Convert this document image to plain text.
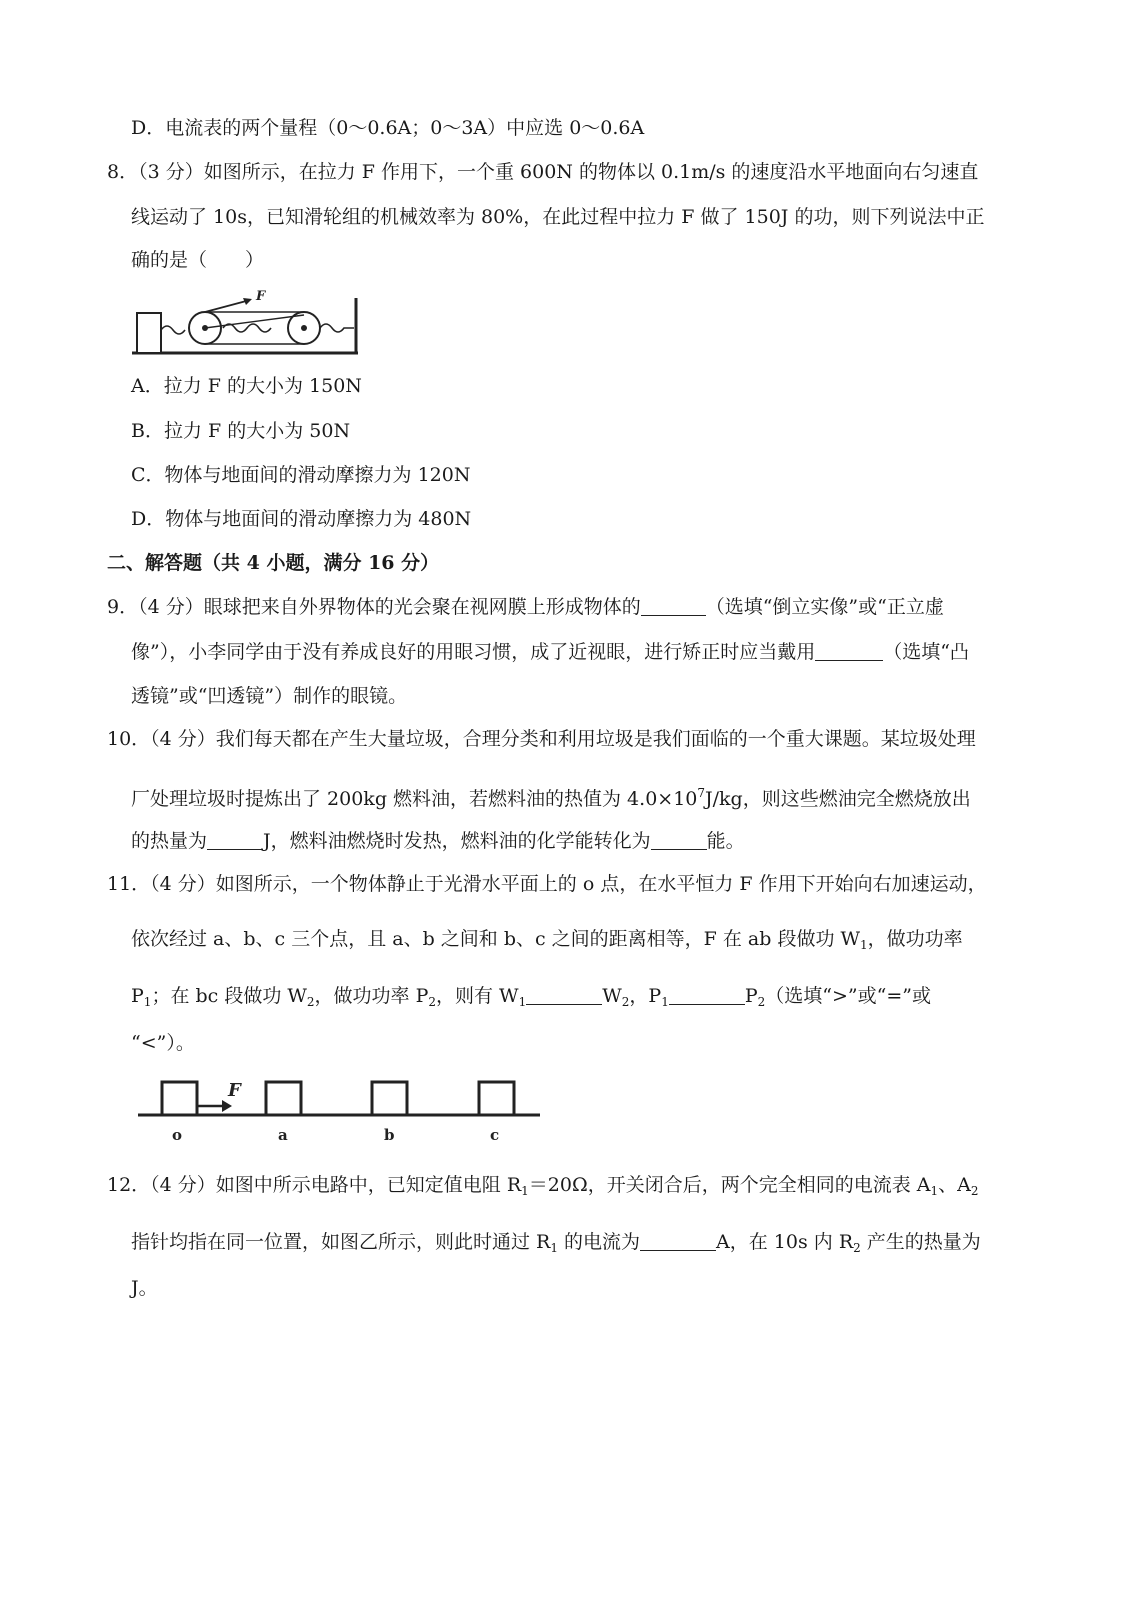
D．电流表的两个量程（0～0.6A；0～3A）中应选 0～0.6A
8．（3 分）如图所示，在拉力 F 作用下，一个重 600N 的物体以 0.1m/s 的速度沿水平地面向右匀速直
线运动了 10s，已知滑轮组的机械效率为 80%，在此过程中拉力 F 做了 150J 的功，则下列说法中正
确的是（　　）
F
A．拉力 F 的大小为 150N
B．拉力 F 的大小为 50N
C．物体与地面间的滑动摩擦力为 120N
D．物体与地面间的滑动摩擦力为 480N
二、解答题（共 4 小题，满分 16 分）
9．（4 分）眼球把来自外界物体的光会聚在视网膜上形成物体的	（选填“倒立实像”或“正立虚
像”），小李同学由于没有养成良好的用眼习惯，成了近视眼，进行矫正时应当戴用	（选填“凸
透镜”或“凹透镜”）制作的眼镜。
10．（4 分）我们每天都在产生大量垃圾，合理分类和利用垃圾是我们面临的一个重大课题。某垃圾处理
厂处理垃圾时提炼出了 200kg 燃料油，若燃料油的热值为 $4.0\times 10^7J/kg$，则这些燃油完全燃烧放出
的热量为	J，燃料油燃烧时发热，燃料油的化学能转化为	能。
11．（4 分）如图所示，一个物体静止于光滑水平面上的 o 点，在水平恒力 F 作用下开始向右加速运动，
依次经过 a、b、c 三个点，且 a、b 之间和 b、c 之间的距离相等，F 在 ab 段做功 $W_1$，做功功率
$P_1$；在 bc 段做功 $W_2$，做功功率 $P_2$，则有 $W_1$	$W_2$，$P_1$	$P_2$（选填“>”或“=”或
“<”）。
F
o	a	b	c
12．（4 分）如图中所示电路中，已知定值电阻 $R_1=20\Omega$，开关闭合后，两个完全相同的电流表 $A_1$、$A_2$
指针均指在同一位置，如图乙所示，则此时通过 $R_1$ 的电流为	A，在 10s 内 $R_2$ 产生的热量为
J。
